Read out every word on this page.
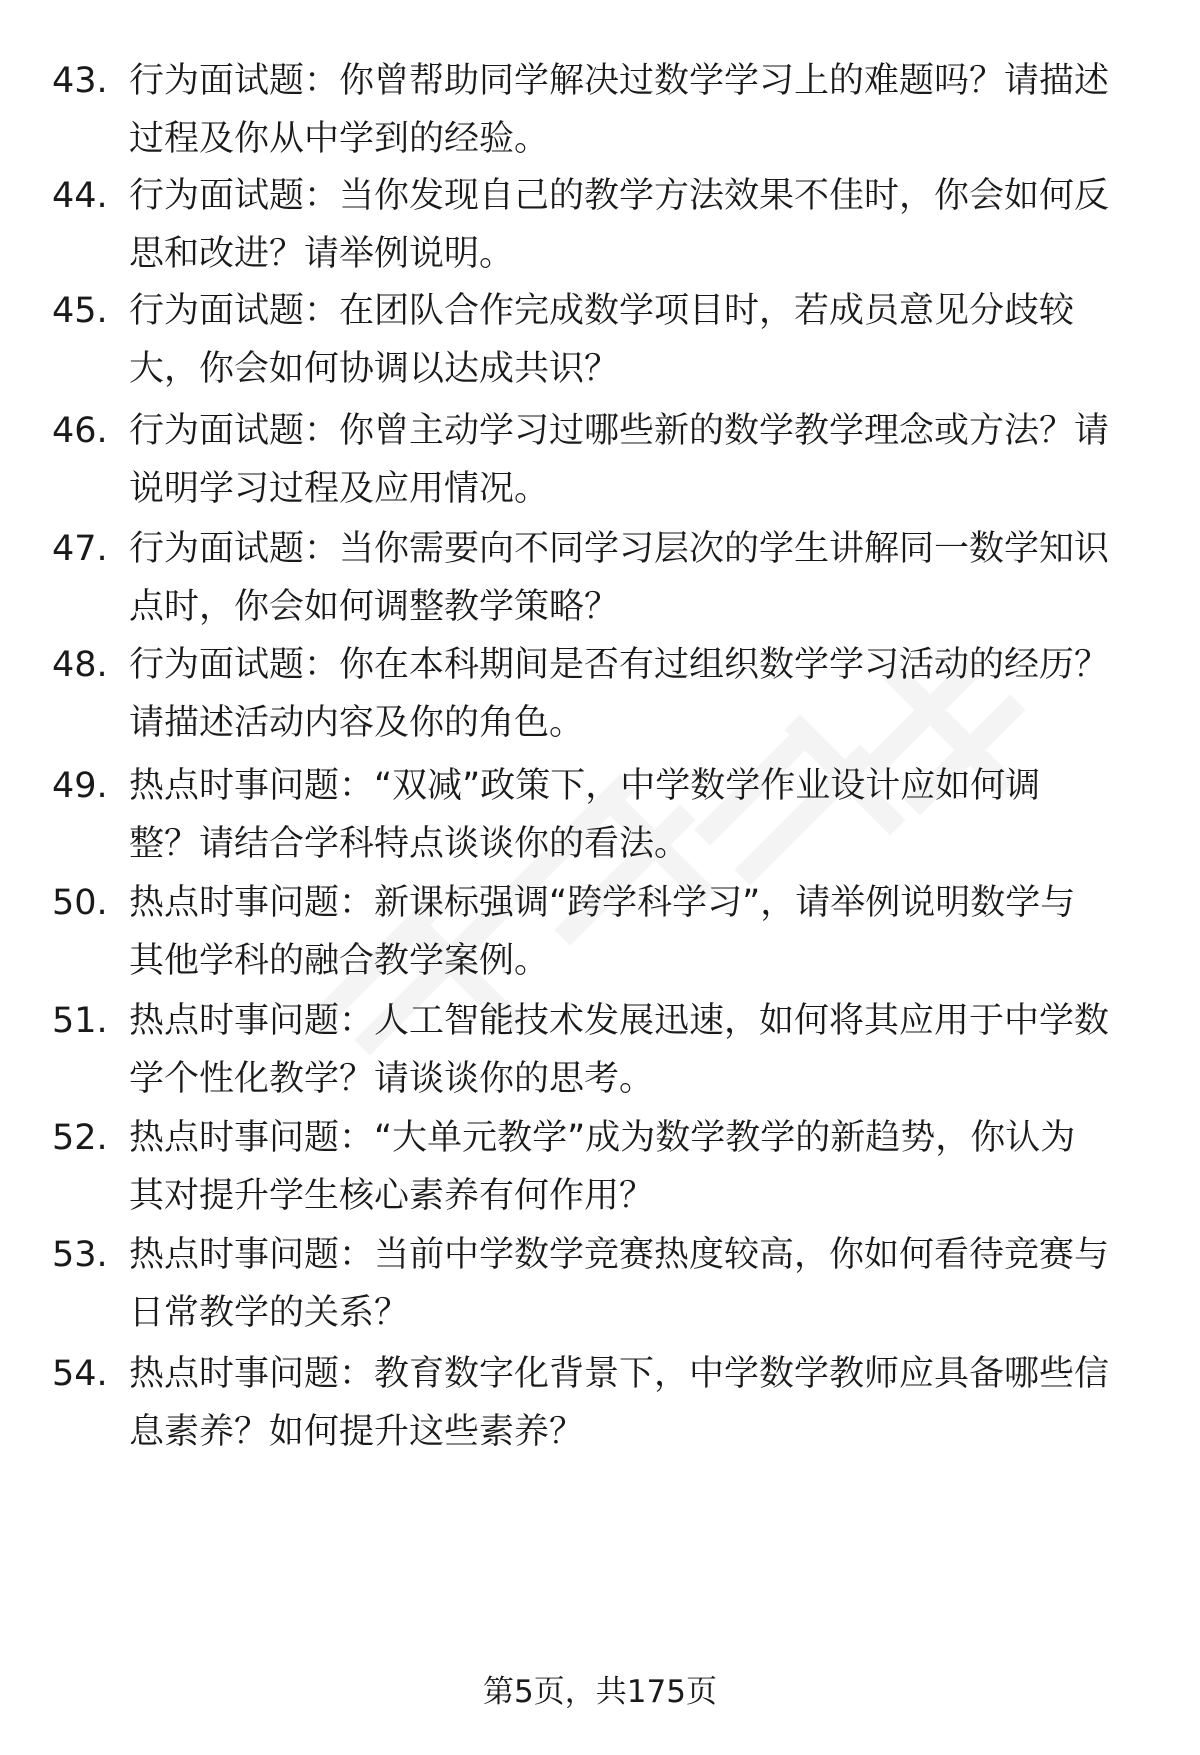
43. 行为面试题：你曾帮助同学解决过数学学习上的难题吗？请描述
过程及你从中学到的经验。
44. 行为面试题：当你发现自己的教学方法效果不佳时，你会如何反
思和改进？请举例说明。
45. 行为面试题：在团队合作完成数学项目时，若成员意见分歧较
大，你会如何协调以达成共识？
46. 行为面试题：你曾主动学习过哪些新的数学教学理念或方法？请
说明学习过程及应用情况。
47. 行为面试题：当你需要向不同学习层次的学生讲解同一数学知识
点时，你会如何调整教学策略？
48. 行为面试题：你在本科期间是否有过组织数学学习活动的经历？
请描述活动内容及你的角色。
49. 热点时事问题：“双减”政策下，中学数学作业设计应如何调
整？请结合学科特点谈谈你的看法。
50. 热点时事问题：新课标强调“跨学科学习”，请举例说明数学与
其他学科的融合教学案例。
51. 热点时事问题：人工智能技术发展迅速，如何将其应用于中学数
学个性化教学？请谈谈你的思考。
52. 热点时事问题：“大单元教学”成为数学教学的新趋势，你认为
其对提升学生核心素养有何作用？
53. 热点时事问题：当前中学数学竞赛热度较高，你如何看待竞赛与
日常教学的关系？
54. 热点时事问题：教育数字化背景下，中学数学教师应具备哪些信
息素养？如何提升这些素养？
第5页，共175页
